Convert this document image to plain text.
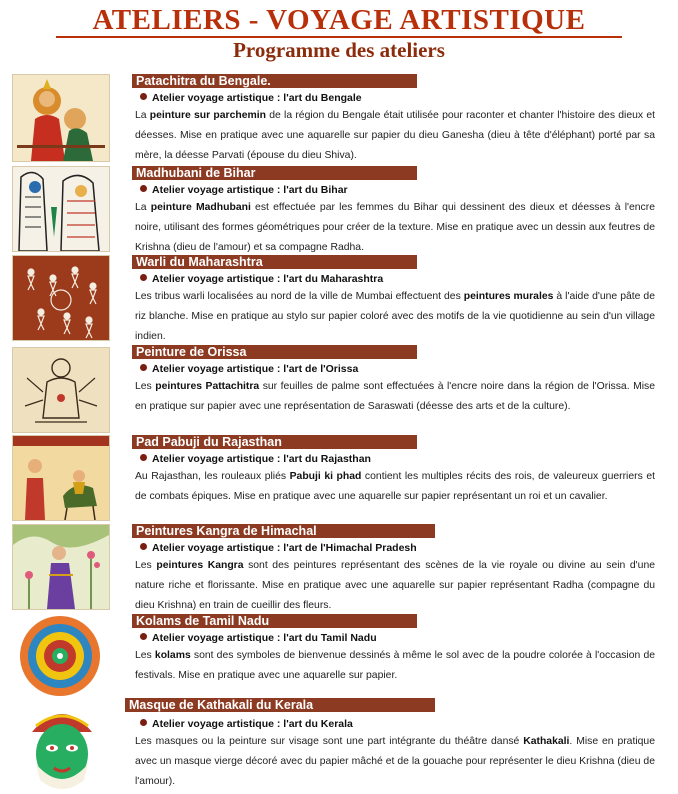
ATELIERS - VOYAGE ARTISTIQUE
Programme des ateliers
Patachitra du Bengale.
Atelier voyage artistique : l'art du Bengale

La peinture sur parchemin de la région du Bengale était utilisée pour raconter et chanter l'histoire des dieux et déesses. Mise en pratique avec une aquarelle sur papier du dieu Ganesha (dieu à tête d'éléphant) porté par sa mère, la déesse Parvati (épouse du dieu Shiva).

Madhubani de Bihar
Atelier voyage artistique : l'art du Bihar

La peinture Madhubani est effectuée par les femmes du Bihar qui dessinent des dieux et déesses à l'encre noire, utilisant des formes géométriques pour créer de la texture. Mise en pratique avec un dessin aux feutres de Krishna (dieu de l'amour) et sa compagne Radha.

Warli du Maharashtra
Atelier voyage artistique : l'art du Maharashtra

Les tribus warli localisées au nord de la ville de Mumbai effectuent des peintures murales à l'aide d'une pâte de riz blanche. Mise en pratique au stylo sur papier coloré avec des motifs de la vie quotidienne au sein d'un village indien.

Peinture de Orissa
Atelier voyage artistique : l'art de l'Orissa

Les peintures Pattachitra sur feuilles de palme sont effectuées à l'encre noire dans la région de l'Orissa. Mise en pratique sur papier avec une représentation de Saraswati (déesse des arts et de la culture).

Pad Pabuji du Rajasthan
Atelier voyage artistique : l'art du Rajasthan

Au Rajasthan, les rouleaux pliés Pabuji ki phad contient les multiples récits des rois, de valeureux guerriers et de combats épiques. Mise en pratique avec une aquarelle sur papier représentant un roi et un cavalier.

Peintures Kangra de Himachal
Atelier voyage artistique : l'art de l'Himachal Pradesh

Les peintures Kangra sont des peintures représentant des scènes de la vie royale ou divine au sein d'une nature riche et florissante. Mise en pratique avec une aquarelle sur papier représentant Radha (compagne du dieu Krishna) en train de cueillir des fleurs.

Kolams de Tamil Nadu
Atelier voyage artistique : l'art du Tamil Nadu

Les kolams sont des symboles de bienvenue dessinés à même le sol avec de la poudre colorée à l'occasion de festivals. Mise en pratique avec une aquarelle sur papier.

Masque de Kathakali du Kerala
Atelier voyage artistique : l'art du Kerala

Les masques ou la peinture sur visage sont une part intégrante du théâtre dansé Kathakali. Mise en pratique avec un masque vierge décoré avec du papier mâché et de la gouache pour représenter le dieu Krishna (dieu de l'amour).
